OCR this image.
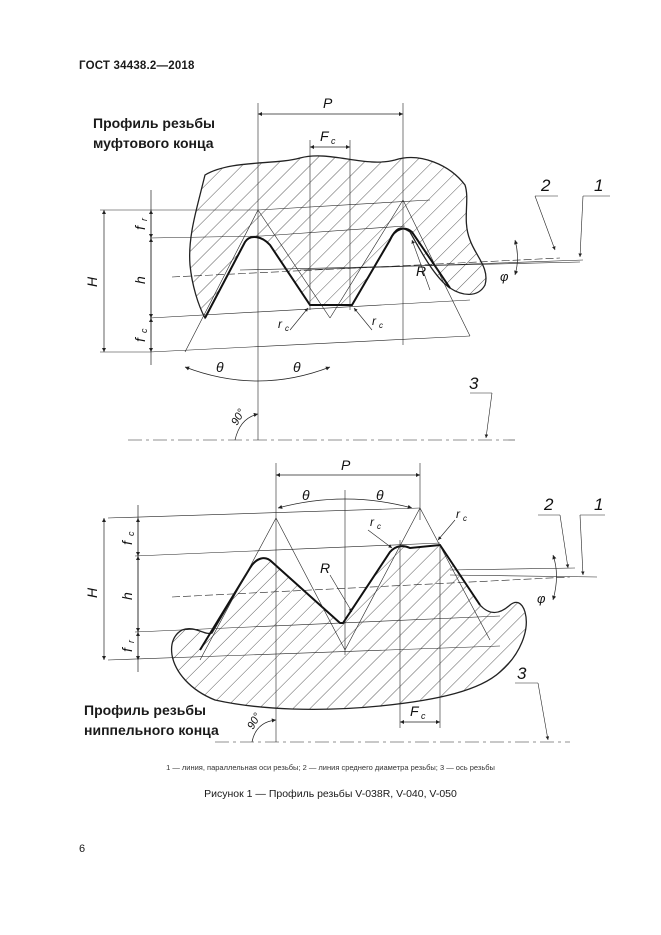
ГОСТ 34438.2—2018
Профиль резьбы
муфтового конца
Профиль резьбы
ниппельного конца
P
F c
H h
f
r
f
c
θ	θ
90°
R
r c
r c
φ
2	1
3
P
θ	θ
H h
f
c
f
r
R
r c
r c
F c
90°
φ
2 1
3
1 — линия, параллельная оси резьбы; 2 — линия среднего диаметра резьбы; 3 — ось резьбы
Рисунок 1 — Профиль резьбы V-038R, V-040, V-050
6
